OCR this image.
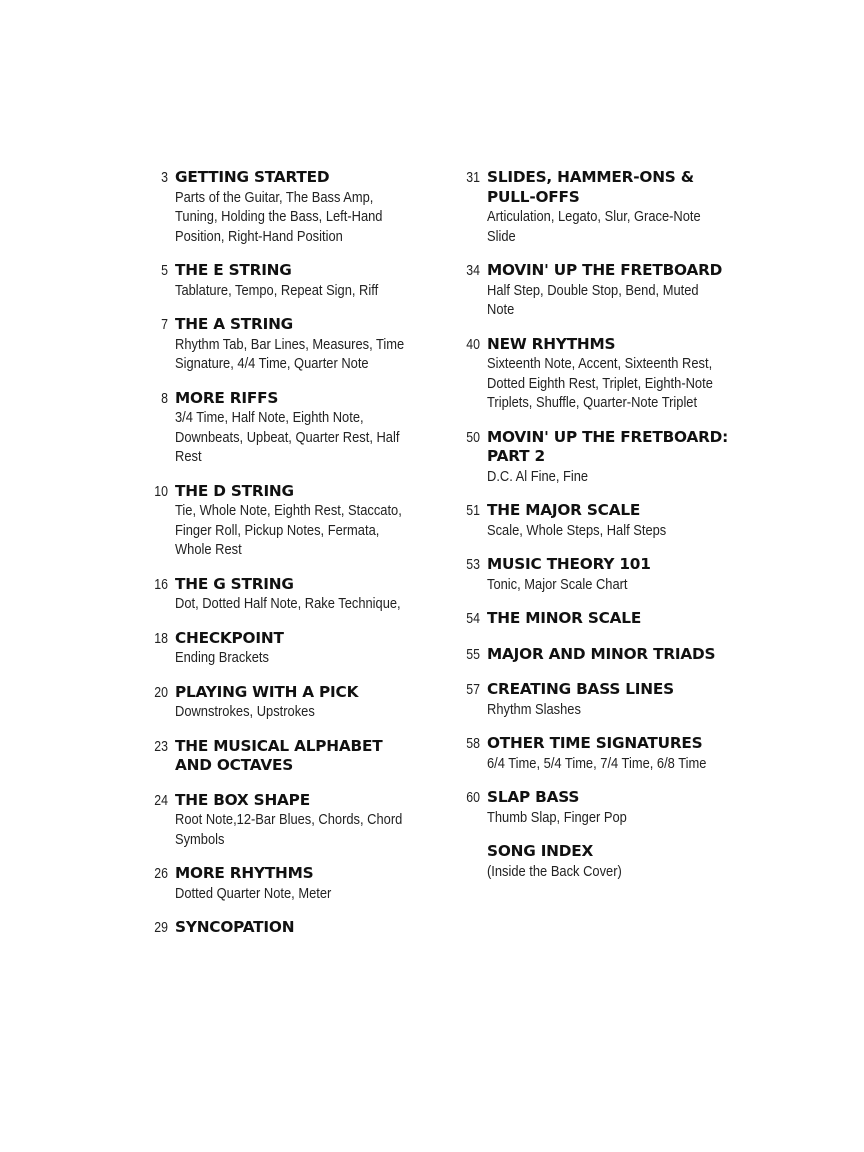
3 GETTING STARTED
Parts of the Guitar, The Bass Amp,
Tuning, Holding the Bass, Left-Hand
Position, Right-Hand Position
5 THE E STRING
Tablature, Tempo, Repeat Sign, Riff
7 THE A STRING
Rhythm Tab, Bar Lines, Measures, Time
Signature, 4/4 Time, Quarter Note
8 MORE RIFFS
3/4 Time, Half Note, Eighth Note,
Downbeats, Upbeat, Quarter Rest, Half
Rest
10 THE D STRING
Tie, Whole Note, Eighth Rest, Staccato,
Finger Roll, Pickup Notes, Fermata,
Whole Rest
16 THE G STRING
Dot, Dotted Half Note, Rake Technique,
18 CHECKPOINT
Ending Brackets
20 PLAYING WITH A PICK
Downstrokes, Upstrokes
23 THE MUSICAL ALPHABET
AND OCTAVES
24 THE BOX SHAPE
Root Note,12-Bar Blues, Chords, Chord
Symbols
26 MORE RHYTHMS
Dotted Quarter Note, Meter
29 SYNCOPATION
31 SLIDES, HAMMER-ONS &
PULL-OFFS
Articulation, Legato, Slur, Grace-Note
Slide
34 MOVIN' UP THE FRETBOARD
Half Step, Double Stop, Bend, Muted
Note
40 NEW RHYTHMS
Sixteenth Note, Accent, Sixteenth Rest,
Dotted Eighth Rest, Triplet, Eighth-Note
Triplets, Shuffle, Quarter-Note Triplet
50 MOVIN' UP THE FRETBOARD:
PART 2
D.C. Al Fine, Fine
51 THE MAJOR SCALE
Scale, Whole Steps, Half Steps
53 MUSIC THEORY 101
Tonic, Major Scale Chart
54 THE MINOR SCALE
55 MAJOR AND MINOR TRIADS
57 CREATING BASS LINES
Rhythm Slashes
58 OTHER TIME SIGNATURES
6/4 Time, 5/4 Time, 7/4 Time, 6/8 Time
60 SLAP BASS
Thumb Slap, Finger Pop
SONG INDEX
(Inside the Back Cover)
